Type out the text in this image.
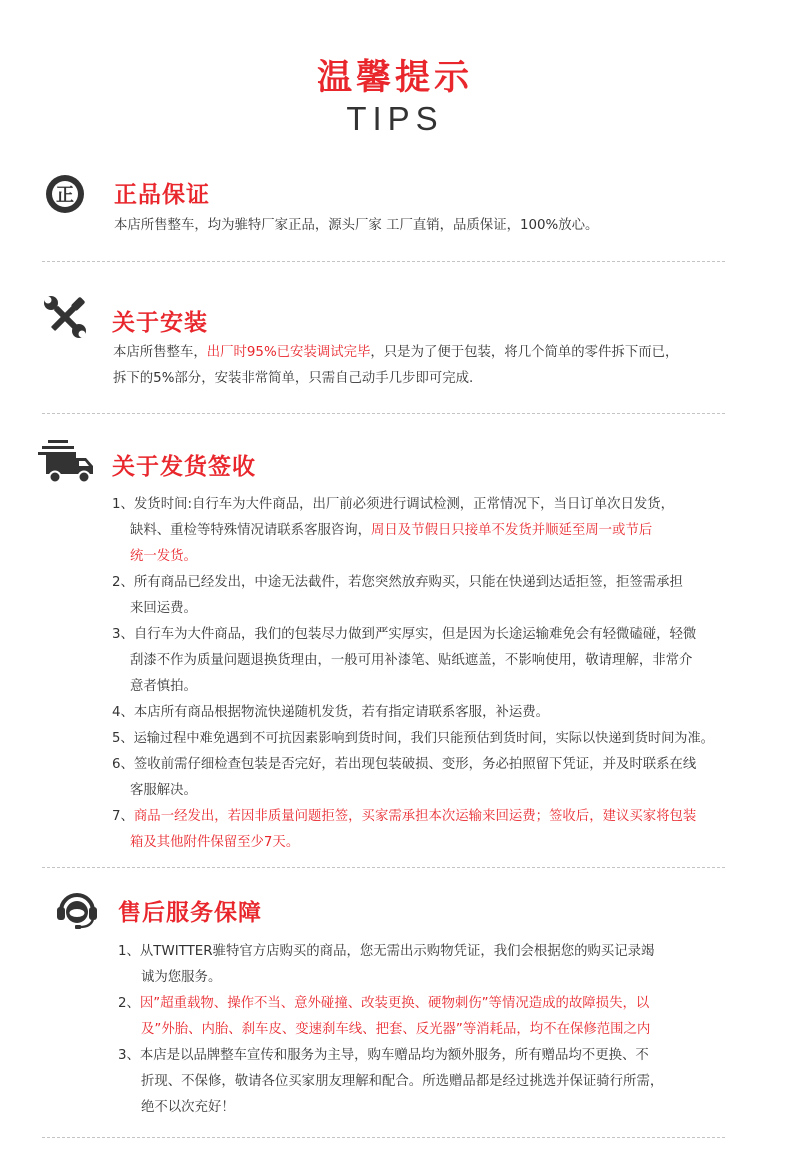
温馨提示
TIPS
正 正品保证
本店所售整车，均为骓特厂家正品，源头厂家 工厂直销，品质保证，100%放心。
关于安装
本店所售整车，出厂时95%已安装调试完毕，只是为了便于包装，将几个简单的零件拆下而已，
拆下的5%部分，安装非常简单，只需自己动手几步即可完成.
关于发货签收
1、发货时间:自行车为大件商品，出厂前必须进行调试检测，正常情况下，当日订单次日发货，
缺料、重检等特殊情况请联系客服咨询，周日及节假日只接单不发货并顺延至周一或节后
统一发货。
2、所有商品已经发出，中途无法截件，若您突然放弃购买，只能在快递到达适拒签，拒签需承担
来回运费。
3、自行车为大件商品，我们的包装尽力做到严实厚实，但是因为长途运输难免会有轻微磕碰，轻微
刮漆不作为质量问题退换货理由，一般可用补漆笔、贴纸遮盖，不影响使用，敬请理解，非常介
意者慎拍。
4、本店所有商品根据物流快递随机发货，若有指定请联系客服，补运费。
5、运输过程中难免遇到不可抗因素影响到货时间，我们只能预估到货时间，实际以快递到货时间为准。
6、签收前需仔细检查包装是否完好，若出现包装破损、变形，务必拍照留下凭证，并及时联系在线
客服解决。
7、商品一经发出，若因非质量问题拒签，买家需承担本次运输来回运费；签收后，建议买家将包装
箱及其他附件保留至少7天。
售后服务保障
1、从TWITTER骓特官方店购买的商品，您无需出示购物凭证，我们会根据您的购买记录竭
诚为您服务。
2、因”超重载物、操作不当、意外碰撞、改装更换、硬物刺伤”等情况造成的故障损失，以
及”外胎、内胎、刹车皮、变速刹车线、把套、反光器”等消耗品，均不在保修范围之内
3、本店是以品牌整车宣传和服务为主导，购车赠品均为额外服务，所有赠品均不更换、不
折现、不保修，敬请各位买家朋友理解和配合。所选赠品都是经过挑选并保证骑行所需，
绝不以次充好！
